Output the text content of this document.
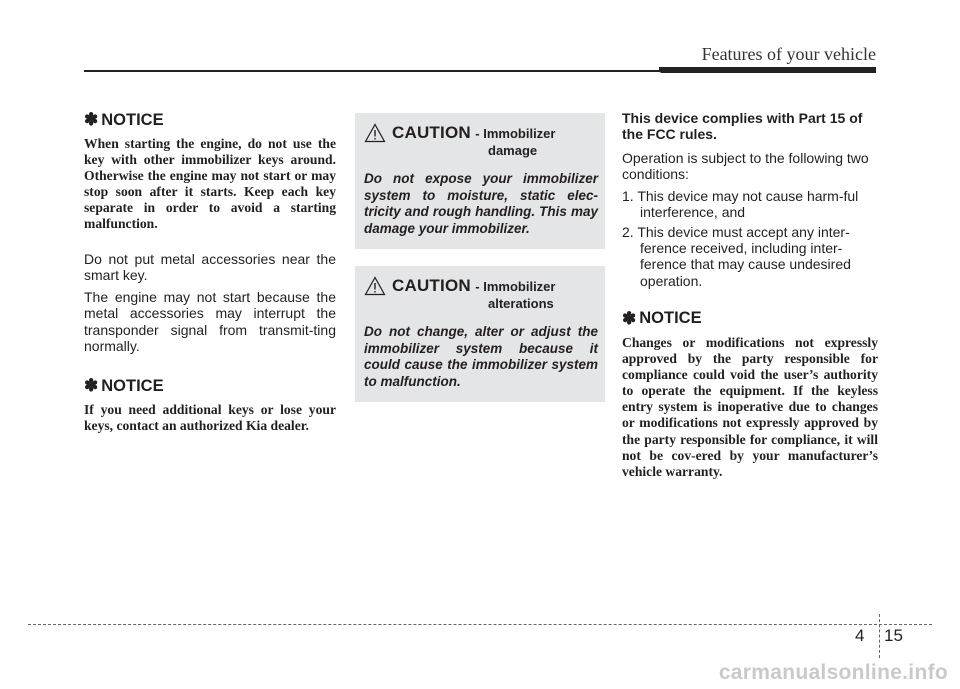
Features of your vehicle
✽ NOTICE

When starting the engine, do not use the key with other immobilizer keys around. Otherwise the engine may not start or may stop soon after it starts. Keep each key separate in order to avoid a starting malfunction.

Do not put metal accessories near the smart key.

The engine may not start because the metal accessories may interrupt the transponder signal from transmit-ting normally.

✽ NOTICE

If you need additional keys or lose your keys, contact an authorized Kia dealer.

CAUTION - Immobilizer
damage

Do not expose your immobilizer system to moisture, static elec-tricity and rough handling. This may damage your immobilizer.

CAUTION - Immobilizer
alterations

Do not change, alter or adjust the immobilizer system because it could cause the immobilizer system to malfunction.

This device complies with Part 15 of the FCC rules.

Operation is subject to the following two conditions:

1. This device may not cause harm-ful interference, and
2. This device must accept any inter-ference received, including inter-ference that may cause undesired operation.
✽ NOTICE

Changes or modifications not expressly approved by the party responsible for compliance could void the user’s authority to operate the equipment. If the keyless entry system is inoperative due to changes or modifications not expressly approved by the party responsible for compliance, it will not be cov-ered by your manufacturer’s vehicle warranty.

4 15
carmanualsonline.info
